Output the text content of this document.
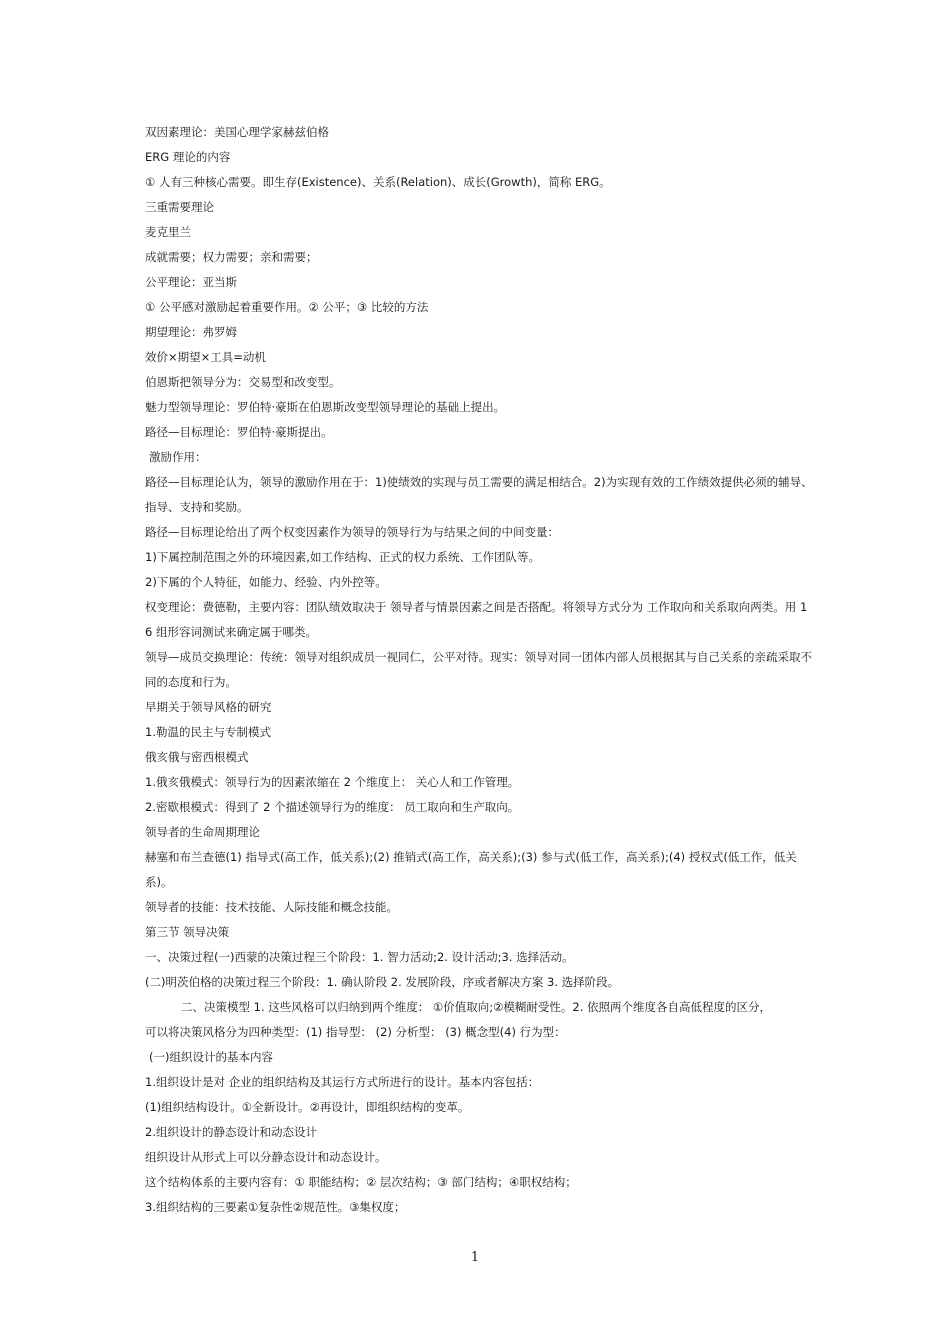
双因素理论：美国心理学家赫兹伯格
ERG 理论的内容
① 人有三种核心需要。即生存(Existence)、关系(Relation)、成长(Growth)，简称 ERG。
三重需要理论
麦克里兰
成就需要；权力需要；亲和需要；
公平理论：亚当斯
① 公平感对激励起着重要作用。② 公平；③ 比较的方法
期望理论：弗罗姆
效价×期望×工具=动机
伯恩斯把领导分为：交易型和改变型。
魅力型领导理论：罗伯特·豪斯在伯恩斯改变型领导理论的基础上提出。
路径—目标理论：罗伯特·豪斯提出。
激励作用：
路径—目标理论认为，领导的激励作用在于：1)使绩效的实现与员工需要的满足相结合。2)为实现有效的工作绩效提供必须的辅导、指导、支持和奖励。
路径—目标理论给出了两个权变因素作为领导的领导行为与结果之间的中间变量：
1)下属控制范围之外的环境因素,如工作结构、正式的权力系统、工作团队等。
2)下属的个人特征，如能力、经验、内外控等。
权变理论：费德勒，主要内容：团队绩效取决于 领导者与情景因素之间是否搭配。将领导方式分为 工作取向和关系取向两类。用 16 组形容词测试来确定属于哪类。
领导—成员交换理论：传统：领导对组织成员一视同仁，公平对待。现实：领导对同一团体内部人员根据其与自己关系的亲疏采取不同的态度和行为。
早期关于领导风格的研究
1.勒温的民主与专制模式
俄亥俄与密西根模式
1.俄亥俄模式：领导行为的因素浓缩在 2 个维度上： 关心人和工作管理。
2.密歇根模式：得到了 2 个描述领导行为的维度： 员工取向和生产取向。
领导者的生命周期理论
赫塞和布兰查德(1) 指导式(高工作，低关系);(2) 推销式(高工作，高关系);(3) 参与式(低工作，高关系);(4) 授权式(低工作，低关系)。
领导者的技能：技术技能、人际技能和概念技能。
第三节 领导决策
一、决策过程(一)西蒙的决策过程三个阶段：1. 智力活动;2. 设计活动;3. 选择活动。
(二)明茨伯格的决策过程三个阶段：1. 确认阶段 2. 发展阶段，序或者解决方案 3. 选择阶段。
二、决策模型 1. 这些风格可以归纳到两个维度： ①价值取向;②模糊耐受性。2. 依照两个维度各自高低程度的区分，
可以将决策风格分为四种类型：(1) 指导型： (2) 分析型： (3) 概念型(4) 行为型：
(一)组织设计的基本内容
1.组织设计是对 企业的组织结构及其运行方式所进行的设计。基本内容包括：
(1)组织结构设计。①全新设计。②再设计，即组织结构的变革。
2.组织设计的静态设计和动态设计
组织设计从形式上可以分静态设计和动态设计。
这个结构体系的主要内容有：① 职能结构；② 层次结构；③ 部门结构；④职权结构；
3.组织结构的三要素①复杂性②规范性。③集权度；
1
